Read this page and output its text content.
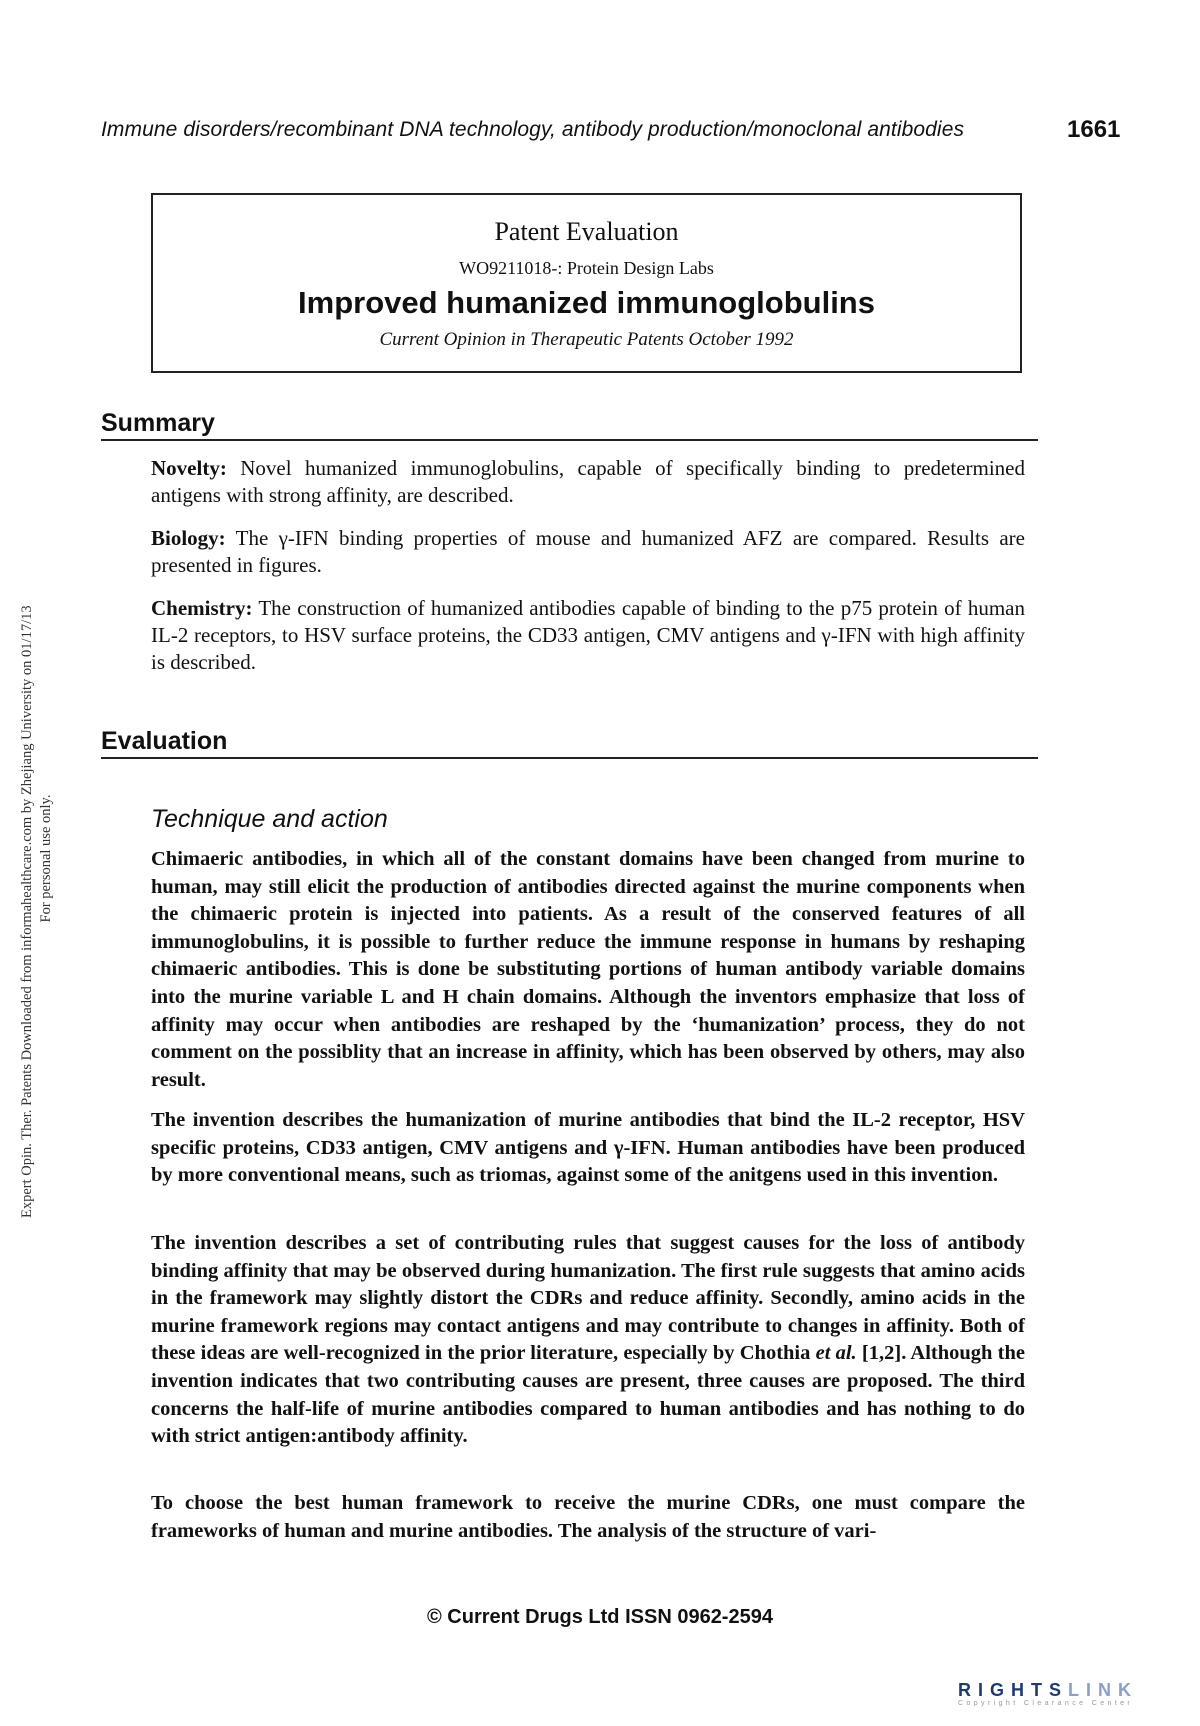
Immune disorders/recombinant DNA technology, antibody production/monoclonal antibodies	1661
Expert Opin. Ther. Patents Downloaded from informahealthcare.com by Zhejiang University on 01/17/13 For personal use only.
Patent Evaluation
WO9211018-: Protein Design Labs
Improved humanized immunoglobulins
Current Opinion in Therapeutic Patents October 1992
Summary

Novelty: Novel humanized immunoglobulins, capable of specifically binding to predetermined antigens with strong affinity, are described.

Biology: The γ-IFN binding properties of mouse and humanized AFZ are compared. Results are presented in figures.

Chemistry: The construction of humanized antibodies capable of binding to the p75 protein of human IL-2 receptors, to HSV surface proteins, the CD33 antigen, CMV antigens and γ-IFN with high affinity is described.

Evaluation
Technique and action

Chimaeric antibodies, in which all of the constant domains have been changed from murine to human, may still elicit the production of antibodies directed against the murine components when the chimaeric protein is injected into patients. As a result of the conserved features of all immunoglobulins, it is possible to further reduce the immune response in humans by reshaping chimaeric antibodies. This is done be substituting portions of human antibody variable domains into the murine variable L and H chain domains. Although the inventors emphasize that loss of affinity may occur when antibodies are reshaped by the ‘humanization’ process, they do not comment on the possiblity that an increase in affinity, which has been observed by others, may also result.

The invention describes the humanization of murine antibodies that bind the IL-2 receptor, HSV specific proteins, CD33 antigen, CMV antigens and γ-IFN. Human antibodies have been produced by more conventional means, such as triomas, against some of the anitgens used in this invention.

The invention describes a set of contributing rules that suggest causes for the loss of antibody binding affinity that may be observed during humanization. The first rule suggests that amino acids in the framework may slightly distort the CDRs and reduce affinity. Secondly, amino acids in the murine framework regions may contact antigens and may contribute to changes in affinity. Both of these ideas are well-recognized in the prior literature, especially by Chothia et al. [1,2]. Although the invention indicates that two contributing causes are present, three causes are proposed. The third concerns the half-life of murine antibodies compared to human antibodies and has nothing to do with strict antigen:antibody affinity.

To choose the best human framework to receive the murine CDRs, one must compare the frameworks of human and murine antibodies. The analysis of the structure of vari-

© Current Drugs Ltd ISSN 0962-2594
RIGHTSLINK
Copyright Clearance Center
